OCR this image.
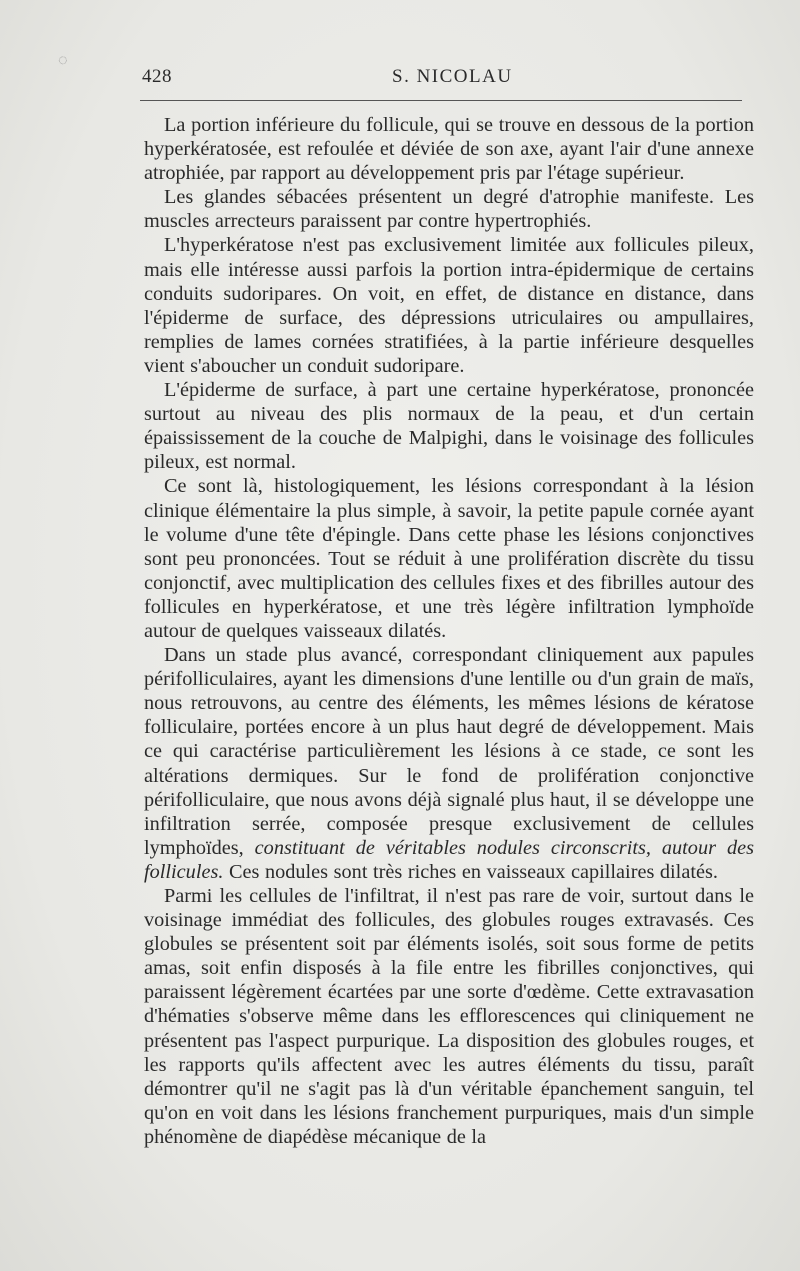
◌
428	S. NICOLAU

La portion inférieure du follicule, qui se trouve en dessous de la portion hyperkératosée, est refoulée et déviée de son axe, ayant l'air d'une annexe atrophiée, par rapport au développement pris par l'étage supérieur.

Les glandes sébacées présentent un degré d'atrophie manifeste. Les muscles arrecteurs paraissent par contre hypertrophiés.

L'hyperkératose n'est pas exclusivement limitée aux follicules pileux, mais elle intéresse aussi parfois la portion intra-épidermique de certains conduits sudoripares. On voit, en effet, de distance en distance, dans l'épiderme de surface, des dépressions utriculaires ou ampullaires, remplies de lames cornées stratifiées, à la partie inférieure desquelles vient s'aboucher un conduit sudoripare.

L'épiderme de surface, à part une certaine hyperkératose, prononcée surtout au niveau des plis normaux de la peau, et d'un certain épaississement de la couche de Malpighi, dans le voisinage des follicules pileux, est normal.

Ce sont là, histologiquement, les lésions correspondant à la lésion clinique élémentaire la plus simple, à savoir, la petite papule cornée ayant le volume d'une tête d'épingle. Dans cette phase les lésions conjonctives sont peu prononcées. Tout se réduit à une prolifération discrète du tissu conjonctif, avec multiplication des cellules fixes et des fibrilles autour des follicules en hyperkératose, et une très légère infiltration lymphoïde autour de quelques vaisseaux dilatés.

Dans un stade plus avancé, correspondant cliniquement aux papules périfolliculaires, ayant les dimensions d'une lentille ou d'un grain de maïs, nous retrouvons, au centre des éléments, les mêmes lésions de kératose folliculaire, portées encore à un plus haut degré de développement. Mais ce qui caractérise particulièrement les lésions à ce stade, ce sont les altérations dermiques. Sur le fond de prolifération conjonctive périfolliculaire, que nous avons déjà signalé plus haut, il se développe une infiltration serrée, composée presque exclusivement de cellules lymphoïdes, constituant de véritables nodules circonscrits, autour des follicules. Ces nodules sont très riches en vaisseaux capillaires dilatés.

Parmi les cellules de l'infiltrat, il n'est pas rare de voir, surtout dans le voisinage immédiat des follicules, des globules rouges extravasés. Ces globules se présentent soit par éléments isolés, soit sous forme de petits amas, soit enfin disposés à la file entre les fibrilles conjonctives, qui paraissent légèrement écartées par une sorte d'œdème. Cette extravasation d'hématies s'observe même dans les efflorescences qui cliniquement ne présentent pas l'aspect purpurique. La disposition des globules rouges, et les rapports qu'ils affectent avec les autres éléments du tissu, paraît démontrer qu'il ne s'agit pas là d'un véritable épanchement sanguin, tel qu'on en voit dans les lésions franchement purpuriques, mais d'un simple phénomène de diapédèse mécanique de la
